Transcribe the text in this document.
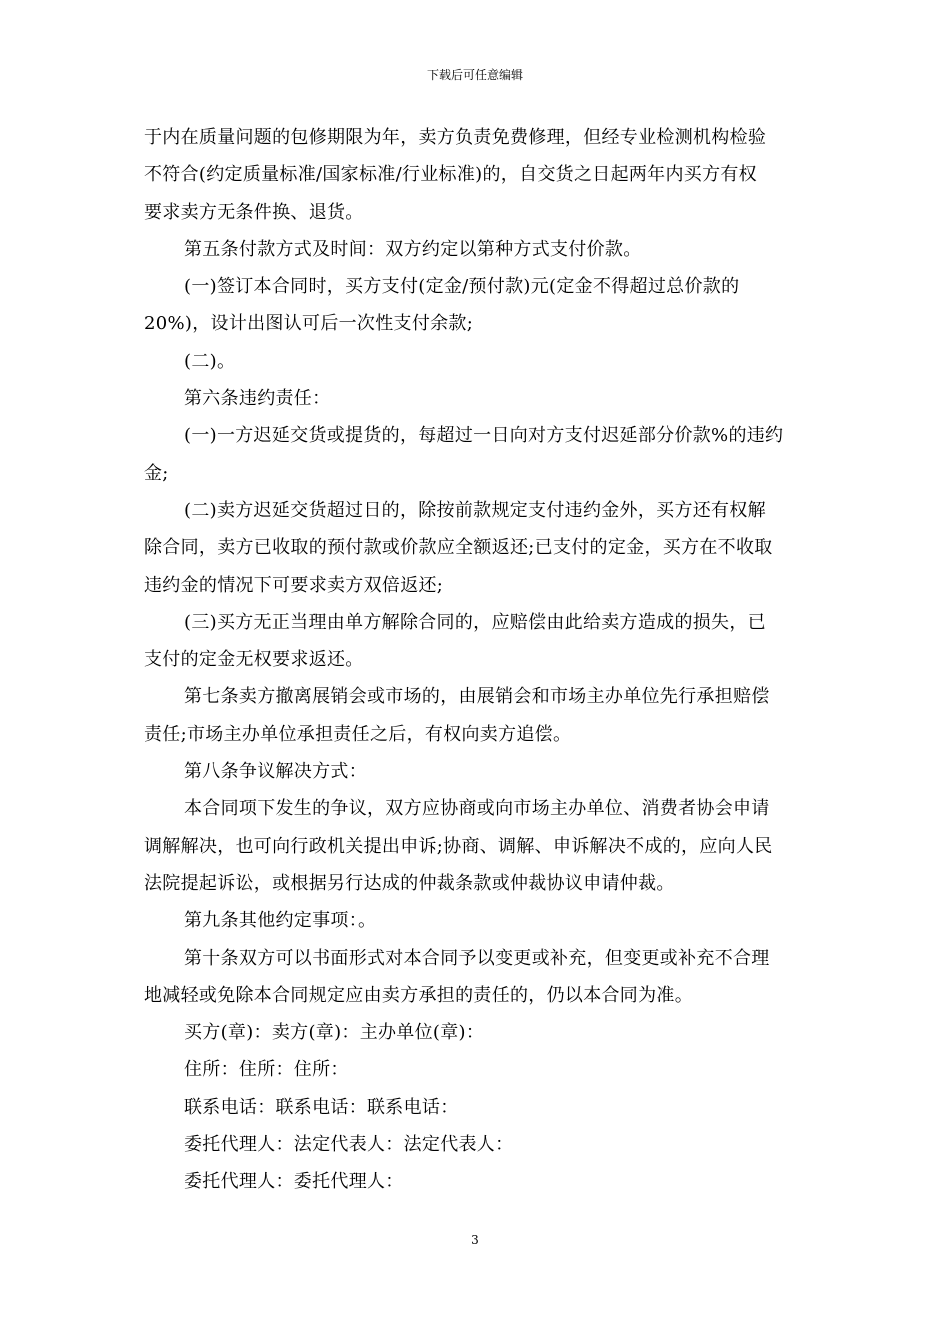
下载后可任意编辑
于内在质量问题的包修期限为年，卖方负责免费修理，但经专业检测机构检验
不符合(约定质量标准/国家标准/行业标准)的，自交货之日起两年内买方有权
要求卖方无条件换、退货。
第五条付款方式及时间：双方约定以第种方式支付价款。
(一)签订本合同时，买方支付(定金/预付款)元(定金不得超过总价款的
20%)，设计出图认可后一次性支付余款;
(二)。
第六条违约责任：
(一)一方迟延交货或提货的，每超过一日向对方支付迟延部分价款%的违约
金;
(二)卖方迟延交货超过日的，除按前款规定支付违约金外，买方还有权解
除合同，卖方已收取的预付款或价款应全额返还;已支付的定金，买方在不收取
违约金的情况下可要求卖方双倍返还;
(三)买方无正当理由单方解除合同的，应赔偿由此给卖方造成的损失，已
支付的定金无权要求返还。
第七条卖方撤离展销会或市场的，由展销会和市场主办单位先行承担赔偿
责任;市场主办单位承担责任之后，有权向卖方追偿。
第八条争议解决方式：
本合同项下发生的争议，双方应协商或向市场主办单位、消费者协会申请
调解解决，也可向行政机关提出申诉;协商、调解、申诉解决不成的，应向人民
法院提起诉讼，或根据另行达成的仲裁条款或仲裁协议申请仲裁。
第九条其他约定事项：。
第十条双方可以书面形式对本合同予以变更或补充，但变更或补充不合理
地减轻或免除本合同规定应由卖方承担的责任的，仍以本合同为准。
买方(章)：卖方(章)：主办单位(章)：
住所：住所：住所：
联系电话：联系电话：联系电话：
委托代理人：法定代表人：法定代表人：
委托代理人：委托代理人：
3
